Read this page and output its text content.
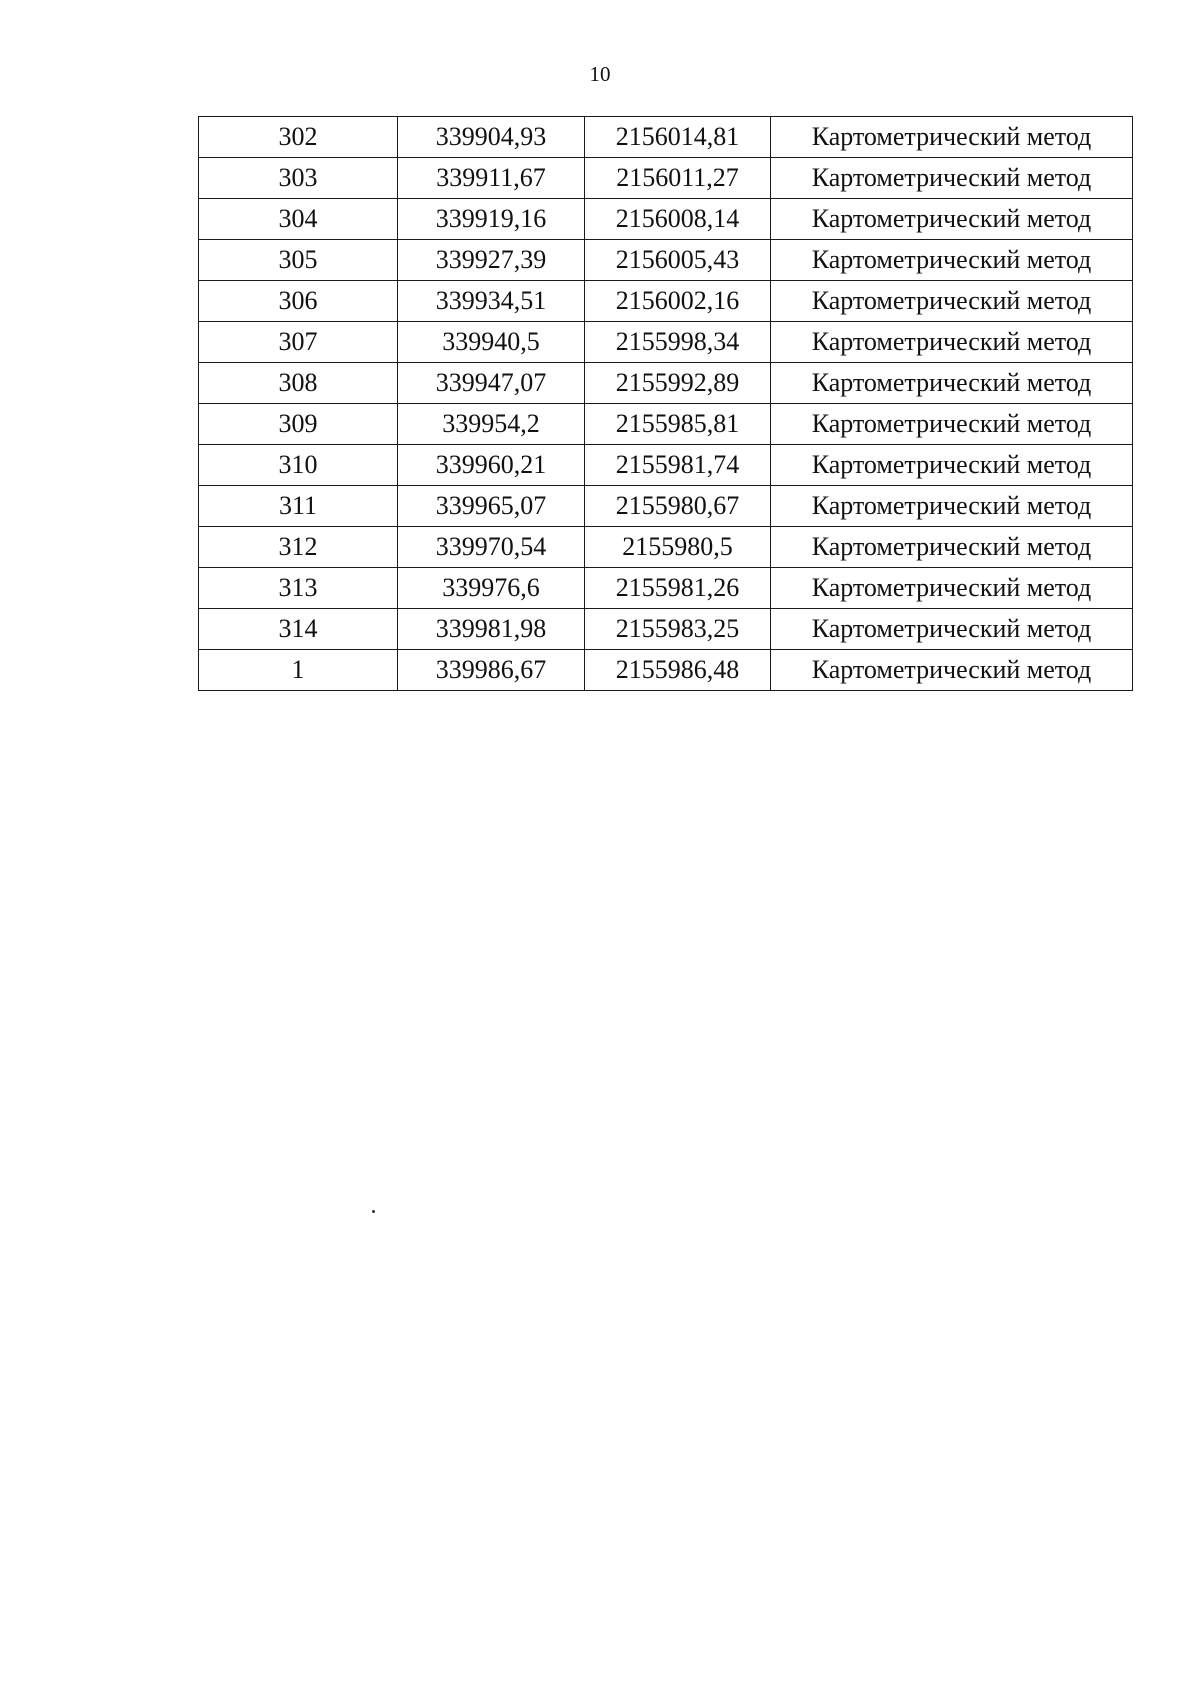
10
302	339904,93	2156014,81	Картометрический метод
303	339911,67	2156011,27	Картометрический метод
304	339919,16	2156008,14	Картометрический метод
305	339927,39	2156005,43	Картометрический метод
306	339934,51	2156002,16	Картометрический метод
307	339940,5	2155998,34	Картометрический метод
308	339947,07	2155992,89	Картометрический метод
309	339954,2	2155985,81	Картометрический метод
310	339960,21	2155981,74	Картометрический метод
311	339965,07	2155980,67	Картометрический метод
312	339970,54	2155980,5	Картометрический метод
313	339976,6	2155981,26	Картометрический метод
314	339981,98	2155983,25	Картометрический метод
1	339986,67	2155986,48	Картометрический метод
